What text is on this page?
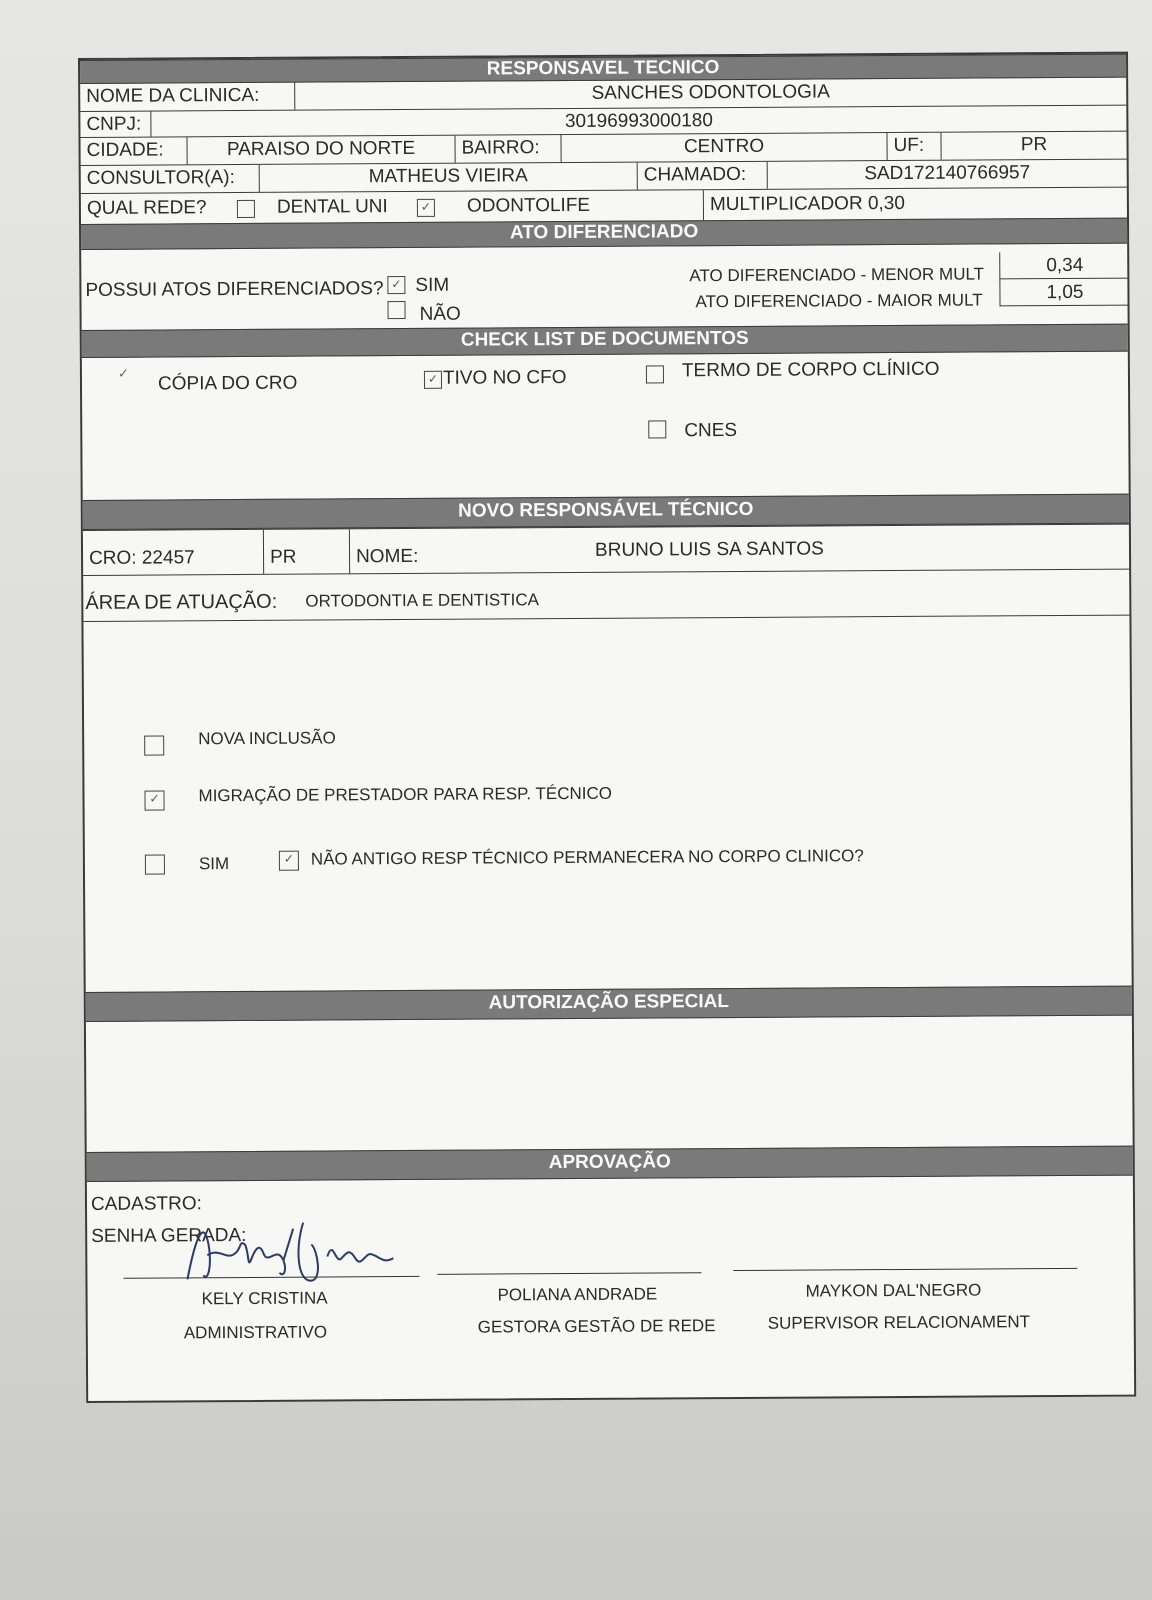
RESPONSAVEL TECNICO
NOME DA CLINICA:	SANCHES ODONTOLOGIA
CNPJ:	30196993000180
CIDADE:	PARAISO DO NORTE	BAIRRO:	CENTRO	UF:	PR
CONSULTOR(A):	MATHEUS VIEIRA	CHAMADO:	SAD172140766957
QUAL REDE?	DENTAL UNI	✓ ODONTOLIFE	MULTIPLICADOR 0,30
ATO DIFERENCIADO
POSSUI ATOS DIFERENCIADOS? ✓ SIM
NÃO
ATO DIFERENCIADO - MENOR MULT	0,34
ATO DIFERENCIADO - MAIOR MULT	1,05
CHECK LIST DE DOCUMENTOS
✓ CÓPIA DO CRO	✓ TIVO NO CFO	TERMO DE CORPO CLÍNICO
CNES
NOVO RESPONSÁVEL TÉCNICO
CRO: 22457	PR	NOME:	BRUNO LUIS SA SANTOS
ÁREA DE ATUAÇÃO: ORTODONTIA E DENTISTICA
NOVA INCLUSÃO
✓ MIGRAÇÃO DE PRESTADOR PARA RESP. TÉCNICO
SIM	✓ NÃO ANTIGO RESP TÉCNICO PERMANECERA NO CORPO CLINICO?
AUTORIZAÇÃO ESPECIAL
APROVAÇÃO
CADASTRO:
SENHA GERADA:
KELY CRISTINA
ADMINISTRATIVO
POLIANA ANDRADE
GESTORA GESTÃO DE REDE
MAYKON DAL'NEGRO
SUPERVISOR RELACIONAMENT
